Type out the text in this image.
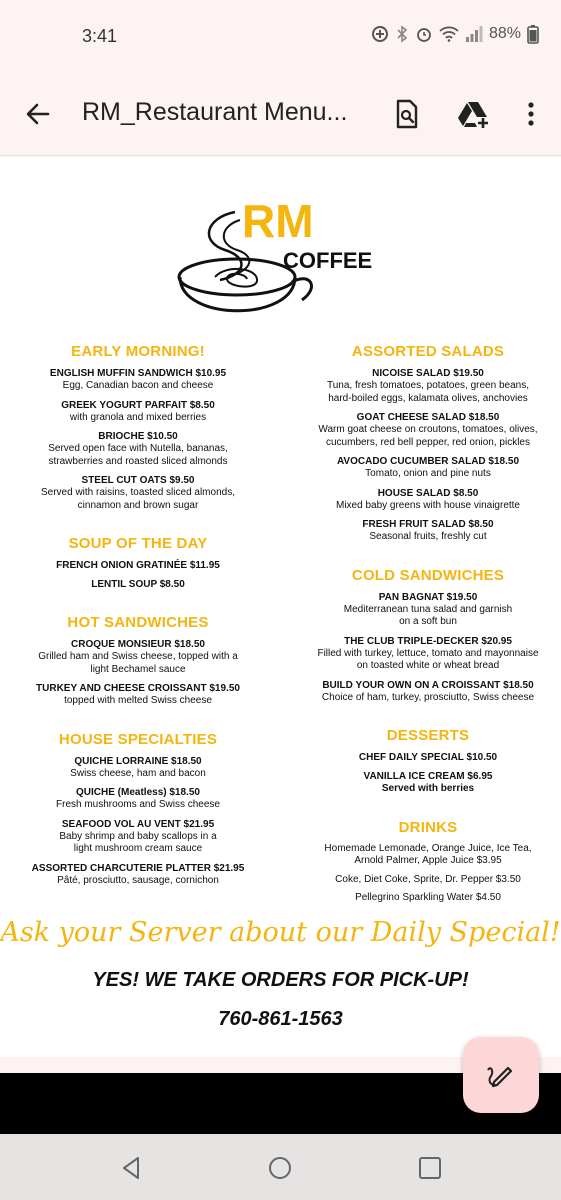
3:41	88%
RM_Restaurant Menu...
RM
COFFEE
EARLY MORNING!
ENGLISH MUFFIN SANDWICH $10.95
Egg, Canadian bacon and cheese
GREEK YOGURT PARFAIT $8.50
with granola and mixed berries
BRIOCHE $10.50
Served open face with Nutella, bananas,
strawberries and roasted sliced almonds
STEEL CUT OATS $9.50
Served with raisins, toasted sliced almonds,
cinnamon and brown sugar
SOUP OF THE DAY
FRENCH ONION GRATINÉE $11.95
LENTIL SOUP $8.50
HOT SANDWICHES
CROQUE MONSIEUR $18.50
Grilled ham and Swiss cheese, topped with a
light Bechamel sauce
TURKEY AND CHEESE CROISSANT $19.50
topped with melted Swiss cheese
HOUSE SPECIALTIES
QUICHE LORRAINE $18.50
Swiss cheese, ham and bacon
QUICHE (Meatless) $18.50
Fresh mushrooms and Swiss cheese
SEAFOOD VOL AU VENT $21.95
Baby shrimp and baby scallops in a
light mushroom cream sauce
ASSORTED CHARCUTERIE PLATTER $21.95
Pâté, prosciutto, sausage, cornichon
ASSORTED SALADS
NICOISE SALAD $19.50
Tuna, fresh tomatoes, potatoes, green beans,
hard-boiled eggs, kalamata olives, anchovies
GOAT CHEESE SALAD $18.50
Warm goat cheese on croutons, tomatoes, olives,
cucumbers, red bell pepper, red onion, pickles
AVOCADO CUCUMBER SALAD $18.50
Tomato, onion and pine nuts
HOUSE SALAD $8.50
Mixed baby greens with house vinaigrette
FRESH FRUIT SALAD $8.50
Seasonal fruits, freshly cut
COLD SANDWICHES
PAN BAGNAT $19.50
Mediterranean tuna salad and garnish
on a soft bun
THE CLUB TRIPLE-DECKER $20.95
Filled with turkey, lettuce, tomato and mayonnaise
on toasted white or wheat bread
BUILD YOUR OWN ON A CROISSANT $18.50
Choice of ham, turkey, prosciutto, Swiss cheese
DESSERTS
CHEF DAILY SPECIAL $10.50
VANILLA ICE CREAM $6.95
Served with berries
DRINKS
Homemade Lemonade, Orange Juice, Ice Tea,
Arnold Palmer, Apple Juice $3.95
Coke, Diet Coke, Sprite, Dr. Pepper $3.50
Pellegrino Sparkling Water $4.50
Ask your Server about our Daily Special!
YES! WE TAKE ORDERS FOR PICK-UP!
760-861-1563
